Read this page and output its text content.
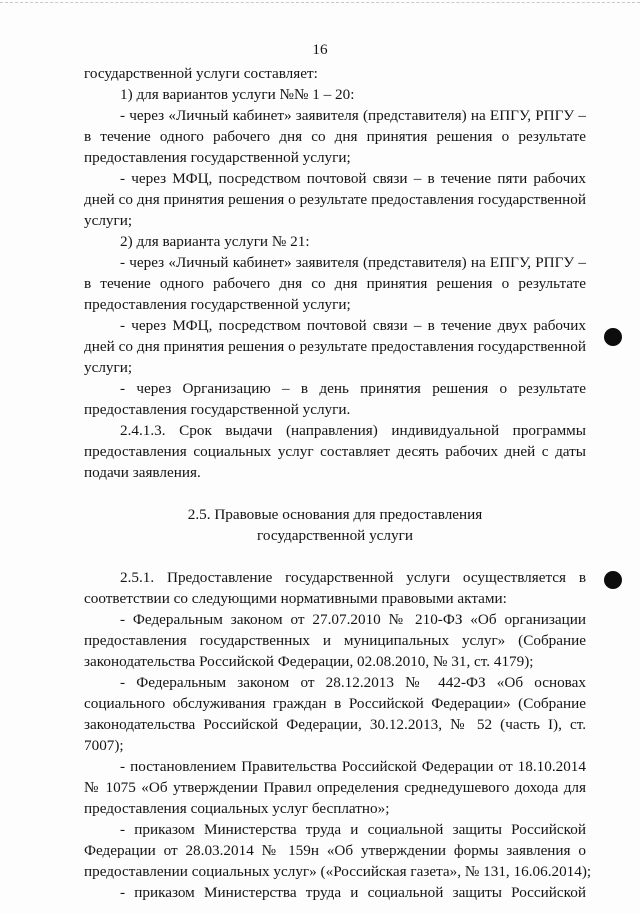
16
государственной услуги составляет:
1) для вариантов услуги №№ 1 – 20:
- через «Личный кабинет» заявителя (представителя) на ЕПГУ, РПГУ –
в течение одного рабочего дня со дня принятия решения о результате
предоставления государственной услуги;
- через МФЦ, посредством почтовой связи – в течение пяти рабочих
дней со дня принятия решения о результате предоставления государственной
услуги;
2) для варианта услуги № 21:
- через «Личный кабинет» заявителя (представителя) на ЕПГУ, РПГУ –
в течение одного рабочего дня со дня принятия решения о результате
предоставления государственной услуги;
- через МФЦ, посредством почтовой связи – в течение двух рабочих
дней со дня принятия решения о результате предоставления государственной
услуги;
- через Организацию – в день принятия решения о результате
предоставления государственной услуги.
2.4.1.3. Срок выдачи (направления) индивидуальной программы
предоставления социальных услуг составляет десять рабочих дней с даты
подачи заявления.
2.5. Правовые основания для предоставления
государственной услуги
2.5.1. Предоставление государственной услуги осуществляется в
соответствии со следующими нормативными правовыми актами:
- Федеральным законом от 27.07.2010 № 210-ФЗ «Об организации
предоставления государственных и муниципальных услуг» (Собрание
законодательства Российской Федерации, 02.08.2010, № 31, ст. 4179);
- Федеральным законом от 28.12.2013 № 442-ФЗ «Об основах
социального обслуживания граждан в Российской Федерации» (Собрание
законодательства Российской Федерации, 30.12.2013, № 52 (часть I), ст.
7007);
- постановлением Правительства Российской Федерации от 18.10.2014
№ 1075 «Об утверждении Правил определения среднедушевого дохода для
предоставления социальных услуг бесплатно»;
- приказом Министерства труда и социальной защиты Российской
Федерации от 28.03.2014 № 159н «Об утверждении формы заявления о
предоставлении социальных услуг» («Российская газета», № 131, 16.06.2014);
- приказом Министерства труда и социальной защиты Российской
